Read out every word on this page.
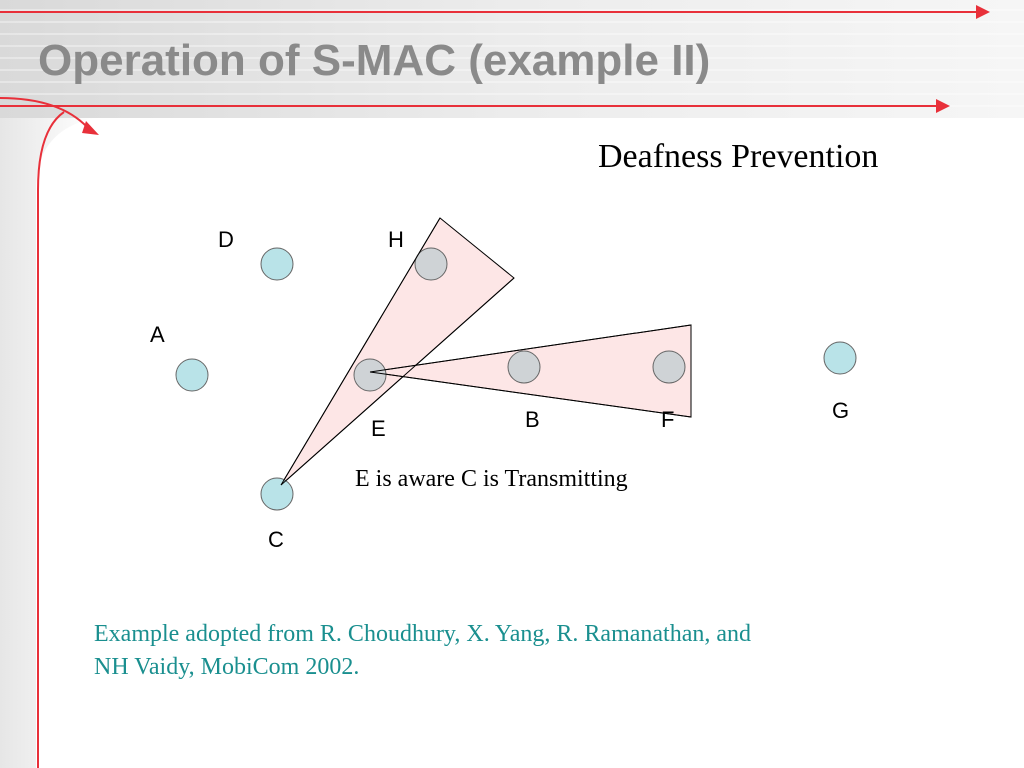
Operation of S-MAC (example II)
Deafness Prevention
D	H
A
E	B	F	G
C
E is aware C is Transmitting
Example adopted from R. Choudhury, X. Yang, R. Ramanathan, and
NH Vaidy, MobiCom 2002.
